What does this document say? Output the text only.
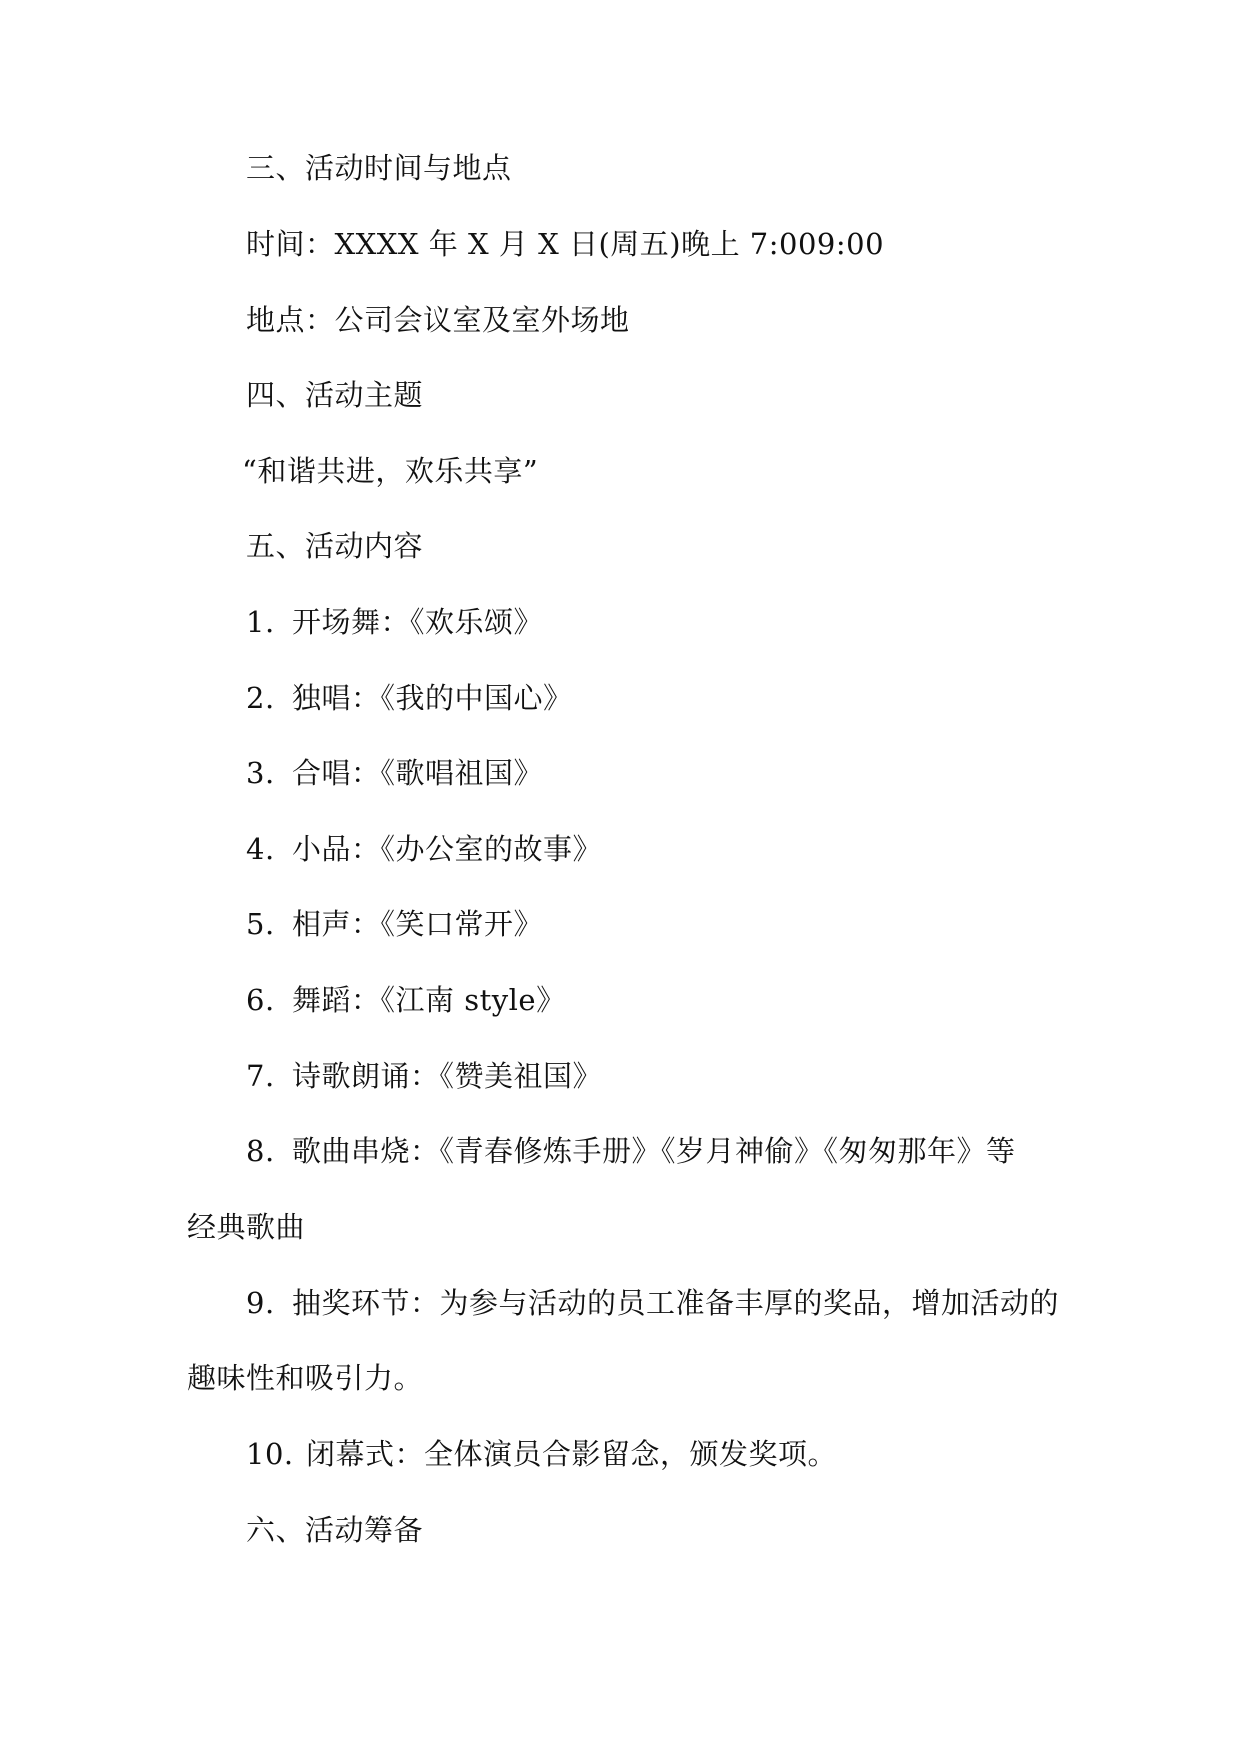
三、活动时间与地点
时间：XXXX 年 X 月 X 日(周五)晚上 7:009:00
地点：公司会议室及室外场地
四、活动主题
“和谐共进，欢乐共享”
五、活动内容
1. 开场舞：《欢乐颂》
2. 独唱：《我的中国心》
3. 合唱：《歌唱祖国》
4. 小品：《办公室的故事》
5. 相声：《笑口常开》
6. 舞蹈：《江南 style》
7. 诗歌朗诵：《赞美祖国》
8. 歌曲串烧：《青春修炼手册》《岁月神偷》《匆匆那年》等
经典歌曲
9. 抽奖环节：为参与活动的员工准备丰厚的奖品，增加活动的
趣味性和吸引力。
10. 闭幕式：全体演员合影留念，颁发奖项。
六、活动筹备
